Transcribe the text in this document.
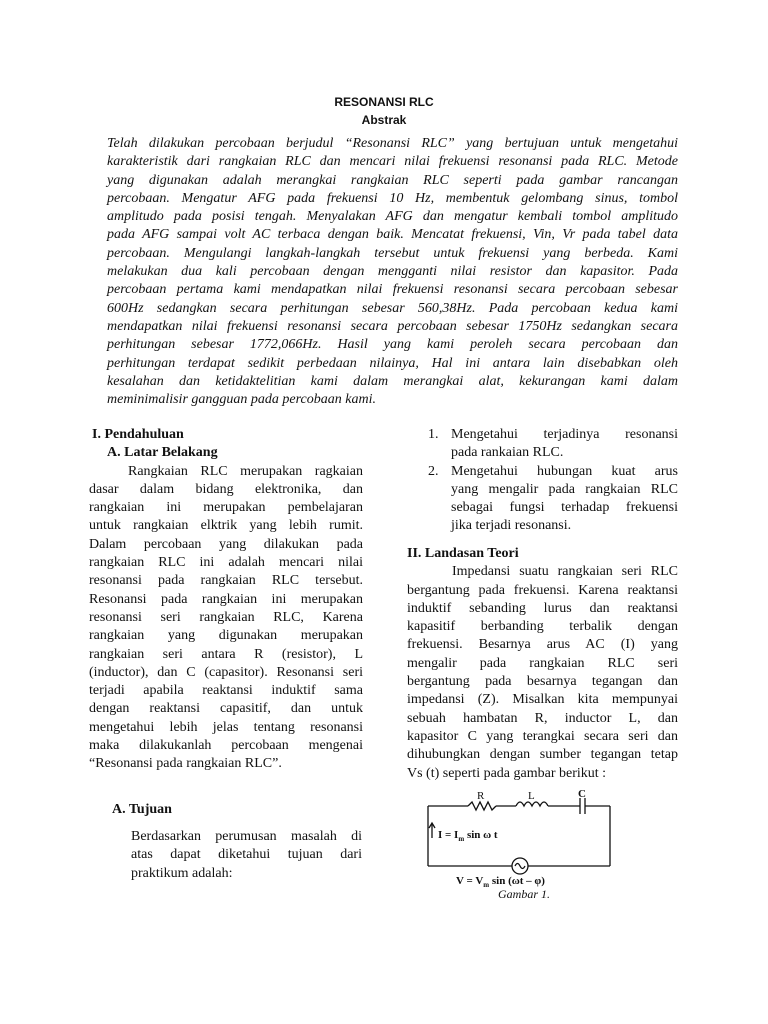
RESONANSI RLC
Abstrak
Telah dilakukan percobaan berjudul “Resonansi RLC” yang bertujuan untuk mengetahui
karakteristik dari rangkaian RLC dan mencari nilai frekuensi resonansi pada RLC. Metode
yang digunakan adalah merangkai rangkaian RLC seperti pada gambar rancangan
percobaan. Mengatur AFG pada frekuensi 10 Hz, membentuk gelombang sinus, tombol
amplitudo pada posisi tengah. Menyalakan AFG dan mengatur kembali tombol amplitudo
pada AFG sampai volt AC terbaca dengan baik. Mencatat frekuensi, Vin, Vr pada tabel data
percobaan. Mengulangi langkah-langkah tersebut untuk frekuensi yang berbeda. Kami
melakukan dua kali percobaan dengan mengganti nilai resistor dan kapasitor. Pada
percobaan pertama kami mendapatkan nilai frekuensi resonansi secara percobaan sebesar
600Hz sedangkan secara perhitungan sebesar 560,38Hz. Pada percobaan kedua kami
mendapatkan nilai frekuensi resonansi secara percobaan sebesar 1750Hz sedangkan secara
perhitungan sebesar 1772,066Hz. Hasil yang kami peroleh secara percobaan dan
perhitungan terdapat sedikit perbedaan nilainya, Hal ini antara lain disebabkan oleh
kesalahan dan ketidaktelitian kami dalam merangkai alat, kekurangan kami dalam
meminimalisir gangguan pada percobaan kami.
I. Pendahuluan
A. Latar Belakang
Rangkaian RLC merupakan ragkaian
dasar dalam bidang elektronika, dan
rangkaian ini merupakan pembelajaran
untuk rangkaian elktrik yang lebih rumit.
Dalam percobaan yang dilakukan pada
rangkaian RLC ini adalah mencari nilai
resonansi pada rangkaian RLC tersebut.
Resonansi pada rangkaian ini merupakan
resonansi seri rangkaian RLC, Karena
rangkaian yang digunakan merupakan
rangkaian seri antara R (resistor), L
(inductor), dan C (capasitor). Resonansi seri
terjadi apabila reaktansi induktif sama
dengan reaktansi capasitif, dan untuk
mengetahui lebih jelas tentang resonansi
maka dilakukanlah percobaan mengenai
“Resonansi pada rangkaian RLC”.
A. Tujuan
Berdasarkan perumusan masalah di
atas dapat diketahui tujuan dari
praktikum adalah:
1. Mengetahui terjadinya resonansi
pada rankaian RLC.
2. Mengetahui hubungan kuat arus
yang mengalir pada rangkaian RLC
sebagai fungsi terhadap frekuensi
jika terjadi resonansi.
II. Landasan Teori
Impedansi suatu rangkaian seri RLC
bergantung pada frekuensi. Karena reaktansi
induktif sebanding lurus dan reaktansi
kapasitif berbanding terbalik dengan
frekuensi. Besarnya arus AC (I) yang
mengalir pada rangkaian RLC seri
bergantung pada besarnya tegangan dan
impedansi (Z). Misalkan kita mempunyai
sebuah hambatan R, inductor L, dan
kapasitor C yang terangkai secara seri dan
dihubungkan dengan sumber tegangan tetap
Vs (t) seperti pada gambar berikut :
R	L	C
$I = I_m$ sin ω t
$V = V_m$ sin (ωt – φ)
Gambar 1.
